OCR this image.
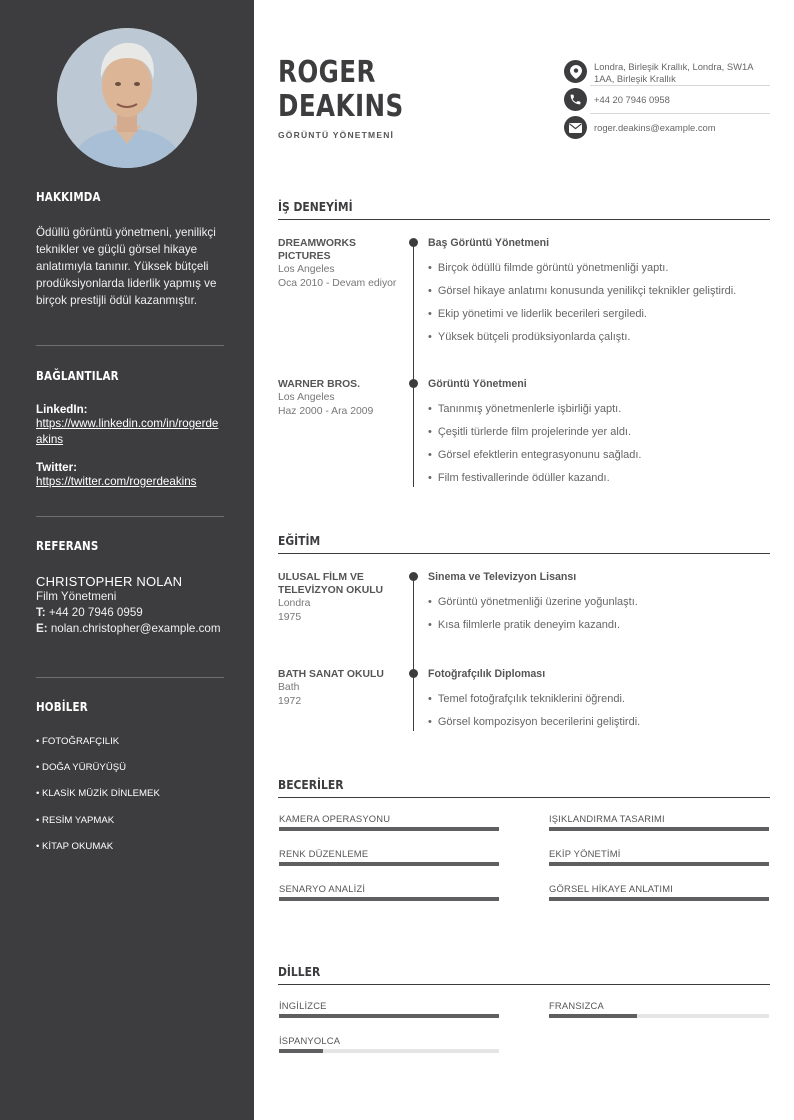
HAKKIMDA
Ödüllü görüntü yönetmeni, yenilikçi teknikler ve güçlü görsel hikaye anlatımıyla tanınır. Yüksek bütçeli prodüksiyonlarda liderlik yapmış ve birçok prestijli ödül kazanmıştır.
BAĞLANTILAR
LinkedIn:
https://www.linkedin.com/in/rogerdeakins
Twitter:
https://twitter.com/rogerdeakins
REFERANS
CHRISTOPHER NOLAN
Film Yönetmeni
T: +44 20 7946 0959
E: nolan.christopher@example.com
HOBİLER
• FOTOĞRAFÇILIK
• DOĞA YÜRÜYÜŞÜ
• KLASİK MÜZİK DİNLEMEK
• RESİM YAPMAK
• KİTAP OKUMAK
ROGER
DEAKINS
GÖRÜNTÜ YÖNETMENİ
Londra, Birleşik Krallık, Londra, SW1A 1AA, Birleşik Krallık
+44 20 7946 0958
roger.deakins@example.com
İŞ DENEYİMİ
DREAMWORKS PICTURES
Los Angeles
Oca 2010 - Devam ediyor
Baş Görüntü Yönetmeni
• Birçok ödüllü filmde görüntü yönetmenliği yaptı.
• Görsel hikaye anlatımı konusunda yenilikçi teknikler geliştirdi.
• Ekip yönetimi ve liderlik becerileri sergiledi.
• Yüksek bütçeli prodüksiyonlarda çalıştı.
WARNER BROS.
Los Angeles
Haz 2000 - Ara 2009
Görüntü Yönetmeni
• Tanınmış yönetmenlerle işbirliği yaptı.
• Çeşitli türlerde film projelerinde yer aldı.
• Görsel efektlerin entegrasyonunu sağladı.
• Film festivallerinde ödüller kazandı.
EĞİTİM
ULUSAL FİLM VE TELEVİZYON OKULU
Londra
1975
Sinema ve Televizyon Lisansı
• Görüntü yönetmenliği üzerine yoğunlaştı.
• Kısa filmlerle pratik deneyim kazandı.
BATH SANAT OKULU
Bath
1972
Fotoğrafçılık Diploması
• Temel fotoğrafçılık tekniklerini öğrendi.
• Görsel kompozisyon becerilerini geliştirdi.
BECERİLER
KAMERA OPERASYONU	IŞIKLANDIRMA TASARIMI
RENK DÜZENLEME	EKİP YÖNETİMİ
SENARYO ANALİZİ	GÖRSEL HİKAYE ANLATIMI
DİLLER
İNGİLİZCE	FRANSIZCA
İSPANYOLCA
